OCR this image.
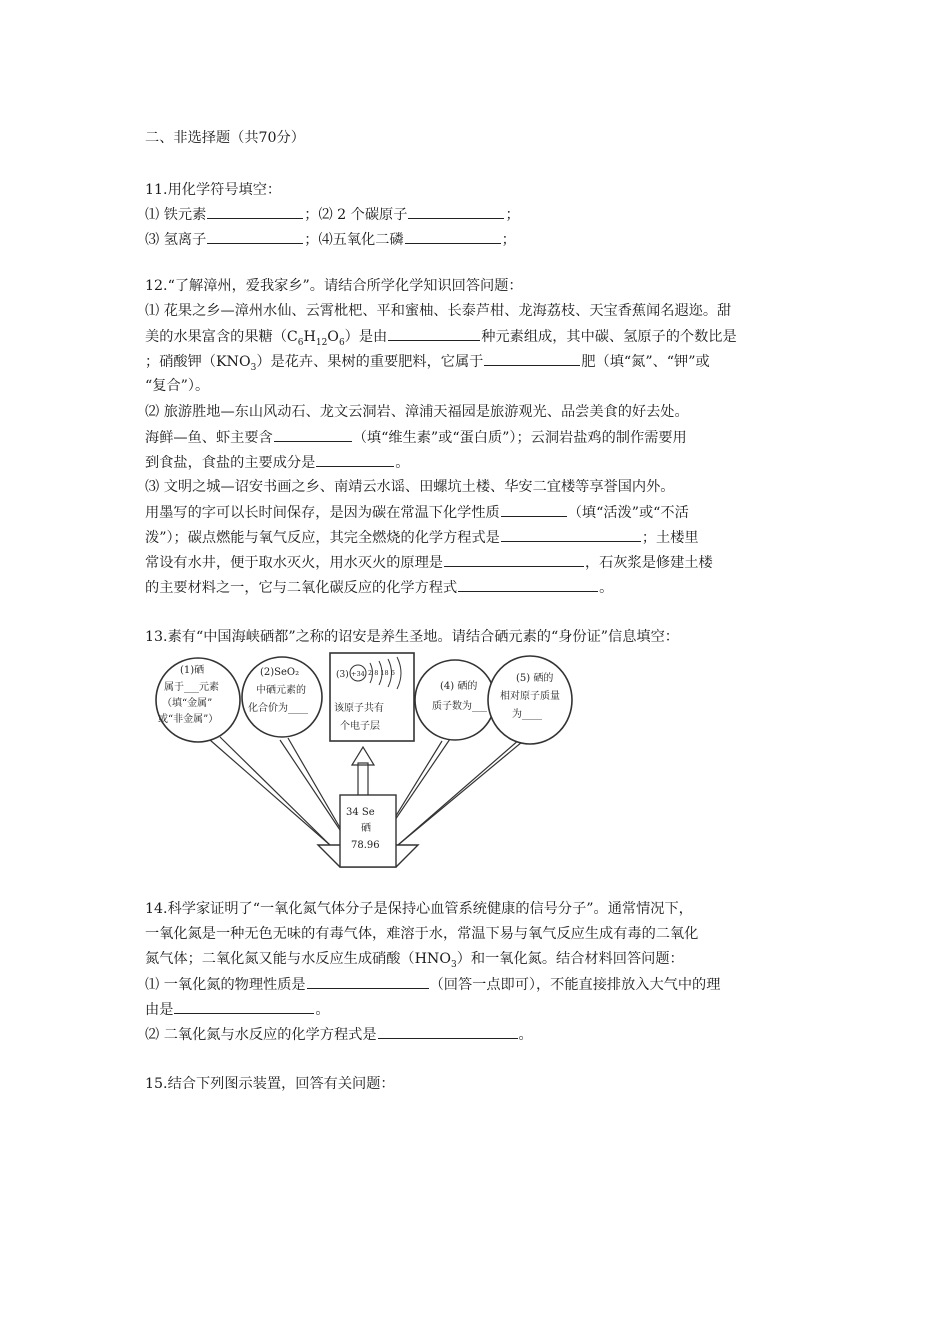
二、非选择题（共70分）
11.用化学符号填空：
⑴ 铁元素	；⑵ 2 个碳原子	；
⑶ 氢离子	；⑷五氧化二磷	；
12.“了解漳州，爱我家乡”。请结合所学化学知识回答问题：
⑴ 花果之乡—漳州水仙、云霄枇杷、平和蜜柚、长泰芦柑、龙海荔枝、天宝香蕉闻名遐迩。甜
美的水果富含的果糖$(C_6H_{12}O_6)$是由	种元素组成，其中碳、氢原子的个数比是
；硝酸钾$(KNO_3)$是花卉、果树的重要肥料，它属于	肥（填“氮”、“钾”或
“复合”）。
⑵ 旅游胜地—东山风动石、龙文云洞岩、漳浦天福园是旅游观光、品尝美食的好去处。
海鲜—鱼、虾主要含	（填“维生素”或“蛋白质”）；云洞岩盐鸡的制作需要用
到食盐，食盐的主要成分是	。
⑶ 文明之城—诏安书画之乡、南靖云水谣、田螺坑土楼、华安二宜楼等享誉国内外。
用墨写的字可以长时间保存，是因为碳在常温下化学性质	（填“活泼”或“不活
泼”）；碳点燃能与氧气反应，其完全燃烧的化学方程式是	；土楼里
常设有水井，便于取水灭火，用水灭火的原理是	，石灰浆是修建土楼
的主要材料之一，它与二氧化碳反应的化学方程式	。
13.素有“中国海峡硒都”之称的诏安是养生圣地。请结合硒元素的“身份证”信息填空：
(1)硒
属于___元素
（填“金属”
或“非金属”）
(2)SeO₂
中硒元素的
化合价为____
(3) +34 2 8 18 6
该原子共有
个电子层
(4) 硒的
质子数为___
(5) 硒的
相对原子质量
为____
34 Se
硒
78.96
14.科学家证明了“一氧化氮气体分子是保持心血管系统健康的信号分子”。通常情况下，
一氧化氮是一种无色无味的有毒气体，难溶于水，常温下易与氧气反应生成有毒的二氧化
氮气体；二氧化氮又能与水反应生成硝酸$(HNO_3)$和一氧化氮。结合材料回答问题：
⑴ 一氧化氮的物理性质是	（回答一点即可），不能直接排放入大气中的理
由是	。
⑵ 二氧化氮与水反应的化学方程式是	。
15.结合下列图示装置，回答有关问题：
